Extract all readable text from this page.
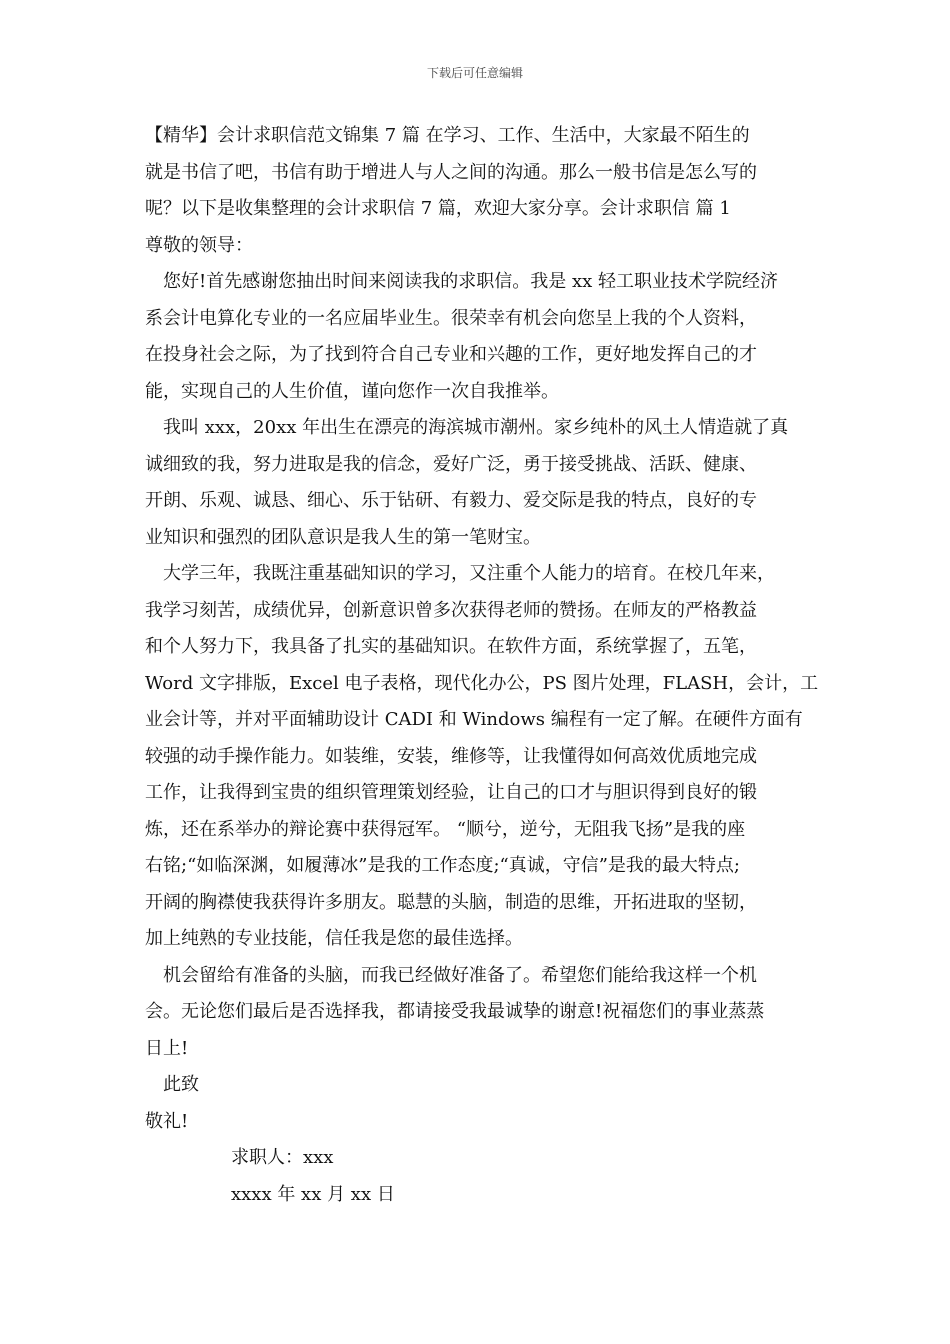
下载后可任意编辑
【精华】会计求职信范文锦集 7 篇 在学习、工作、生活中，大家最不陌生的
就是书信了吧，书信有助于增进人与人之间的沟通。那么一般书信是怎么写的
呢？以下是收集整理的会计求职信 7 篇，欢迎大家分享。会计求职信 篇 1
尊敬的领导：
您好!首先感谢您抽出时间来阅读我的求职信。我是 xx 轻工职业技术学院经济
系会计电算化专业的一名应届毕业生。很荣幸有机会向您呈上我的个人资料，
在投身社会之际，为了找到符合自己专业和兴趣的工作，更好地发挥自己的才
能，实现自己的人生价值，谨向您作一次自我推举。
我叫 xxx，20xx 年出生在漂亮的海滨城市潮州。家乡纯朴的风土人情造就了真
诚细致的我，努力进取是我的信念，爱好广泛，勇于接受挑战、活跃、健康、
开朗、乐观、诚恳、细心、乐于钻研、有毅力、爱交际是我的特点，良好的专
业知识和强烈的团队意识是我人生的第一笔财宝。
大学三年，我既注重基础知识的学习，又注重个人能力的培育。在校几年来，
我学习刻苦，成绩优异，创新意识曾多次获得老师的赞扬。在师友的严格教益
和个人努力下，我具备了扎实的基础知识。在软件方面，系统掌握了，五笔，
Word 文字排版，Excel 电子表格，现代化办公，PS 图片处理，FLASH，会计，工
业会计等，并对平面辅助设计 CADI 和 Windows 编程有一定了解。在硬件方面有
较强的动手操作能力。如装维，安装，维修等，让我懂得如何高效优质地完成
工作，让我得到宝贵的组织管理策划经验，让自己的口才与胆识得到良好的锻
炼，还在系举办的辩论赛中获得冠军。 “顺兮，逆兮，无阻我飞扬”是我的座
右铭;“如临深渊，如履薄冰”是我的工作态度;“真诚，守信”是我的最大特点;
开阔的胸襟使我获得许多朋友。聪慧的头脑，制造的思维，开拓进取的坚韧，
加上纯熟的专业技能，信任我是您的最佳选择。
机会留给有准备的头脑，而我已经做好准备了。希望您们能给我这样一个机
会。无论您们最后是否选择我，都请接受我最诚挚的谢意!祝福您们的事业蒸蒸
日上!
此致
敬礼!
求职人：xxx
xxxx 年 xx 月 xx 日
